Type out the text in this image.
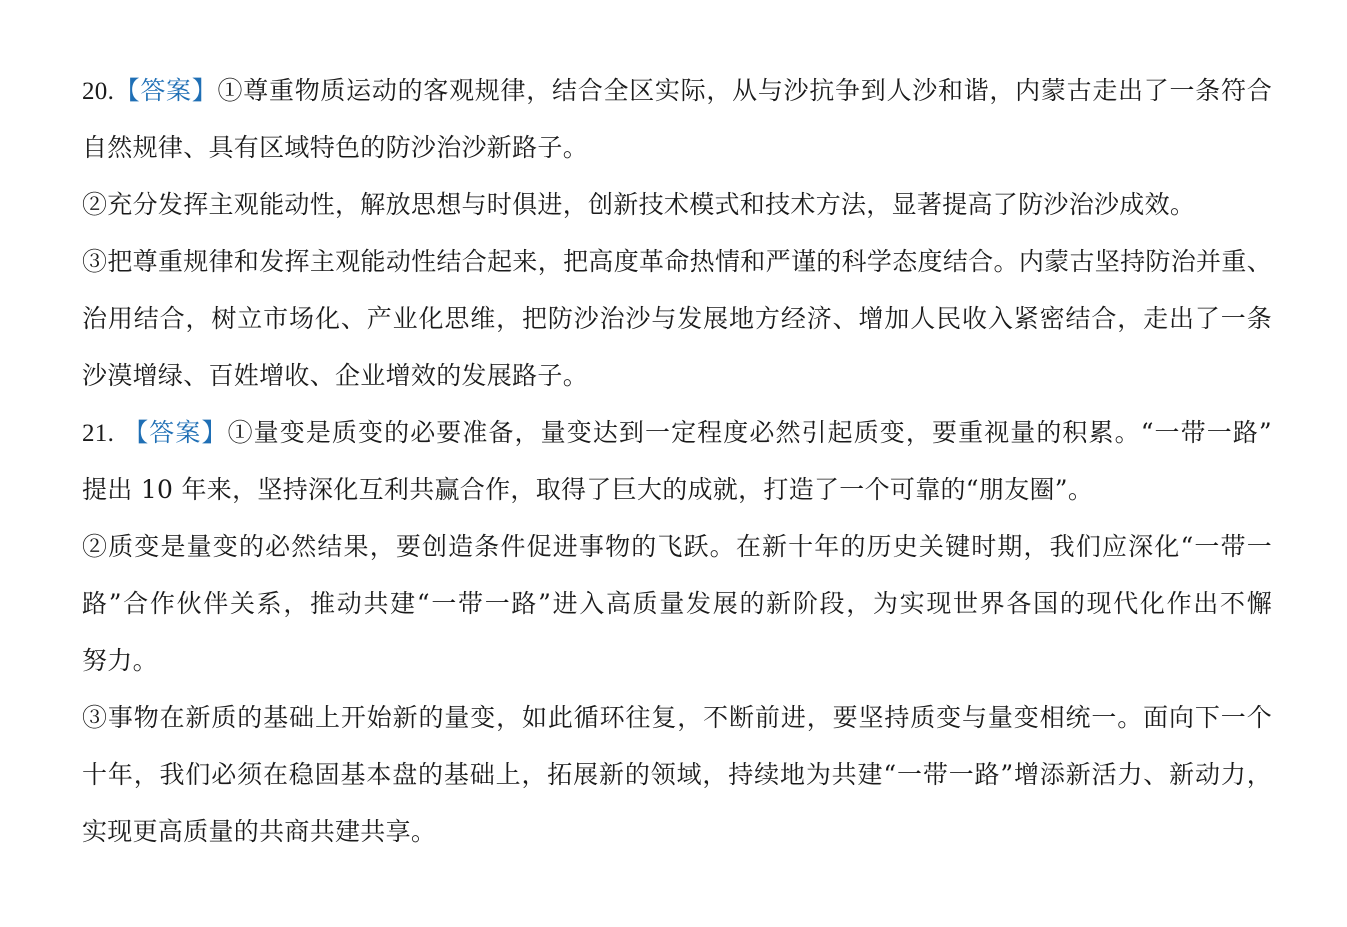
20.【答案】①尊重物质运动的客观规律，结合全区实际，从与沙抗争到人沙和谐，内蒙古走出了一条符合
自然规律、具有区域特色的防沙治沙新路子。
②充分发挥主观能动性，解放思想与时俱进，创新技术模式和技术方法，显著提高了防沙治沙成效。
③把尊重规律和发挥主观能动性结合起来，把高度革命热情和严谨的科学态度结合。内蒙古坚持防治并重、
治用结合，树立市场化、产业化思维，把防沙治沙与发展地方经济、增加人民收入紧密结合，走出了一条
沙漠增绿、百姓增收、企业增效的发展路子。
21. 【答案】①量变是质变的必要准备，量变达到一定程度必然引起质变，要重视量的积累。“一带一路”
提出 10 年来，坚持深化互利共赢合作，取得了巨大的成就，打造了一个可靠的“朋友圈”。
②质变是量变的必然结果，要创造条件促进事物的飞跃。在新十年的历史关键时期，我们应深化“一带一
路”合作伙伴关系，推动共建“一带一路”进入高质量发展的新阶段，为实现世界各国的现代化作出不懈
努力。
③事物在新质的基础上开始新的量变，如此循环往复，不断前进，要坚持质变与量变相统一。面向下一个
十年，我们必须在稳固基本盘的基础上，拓展新的领域，持续地为共建“一带一路”增添新活力、新动力，
实现更高质量的共商共建共享。
